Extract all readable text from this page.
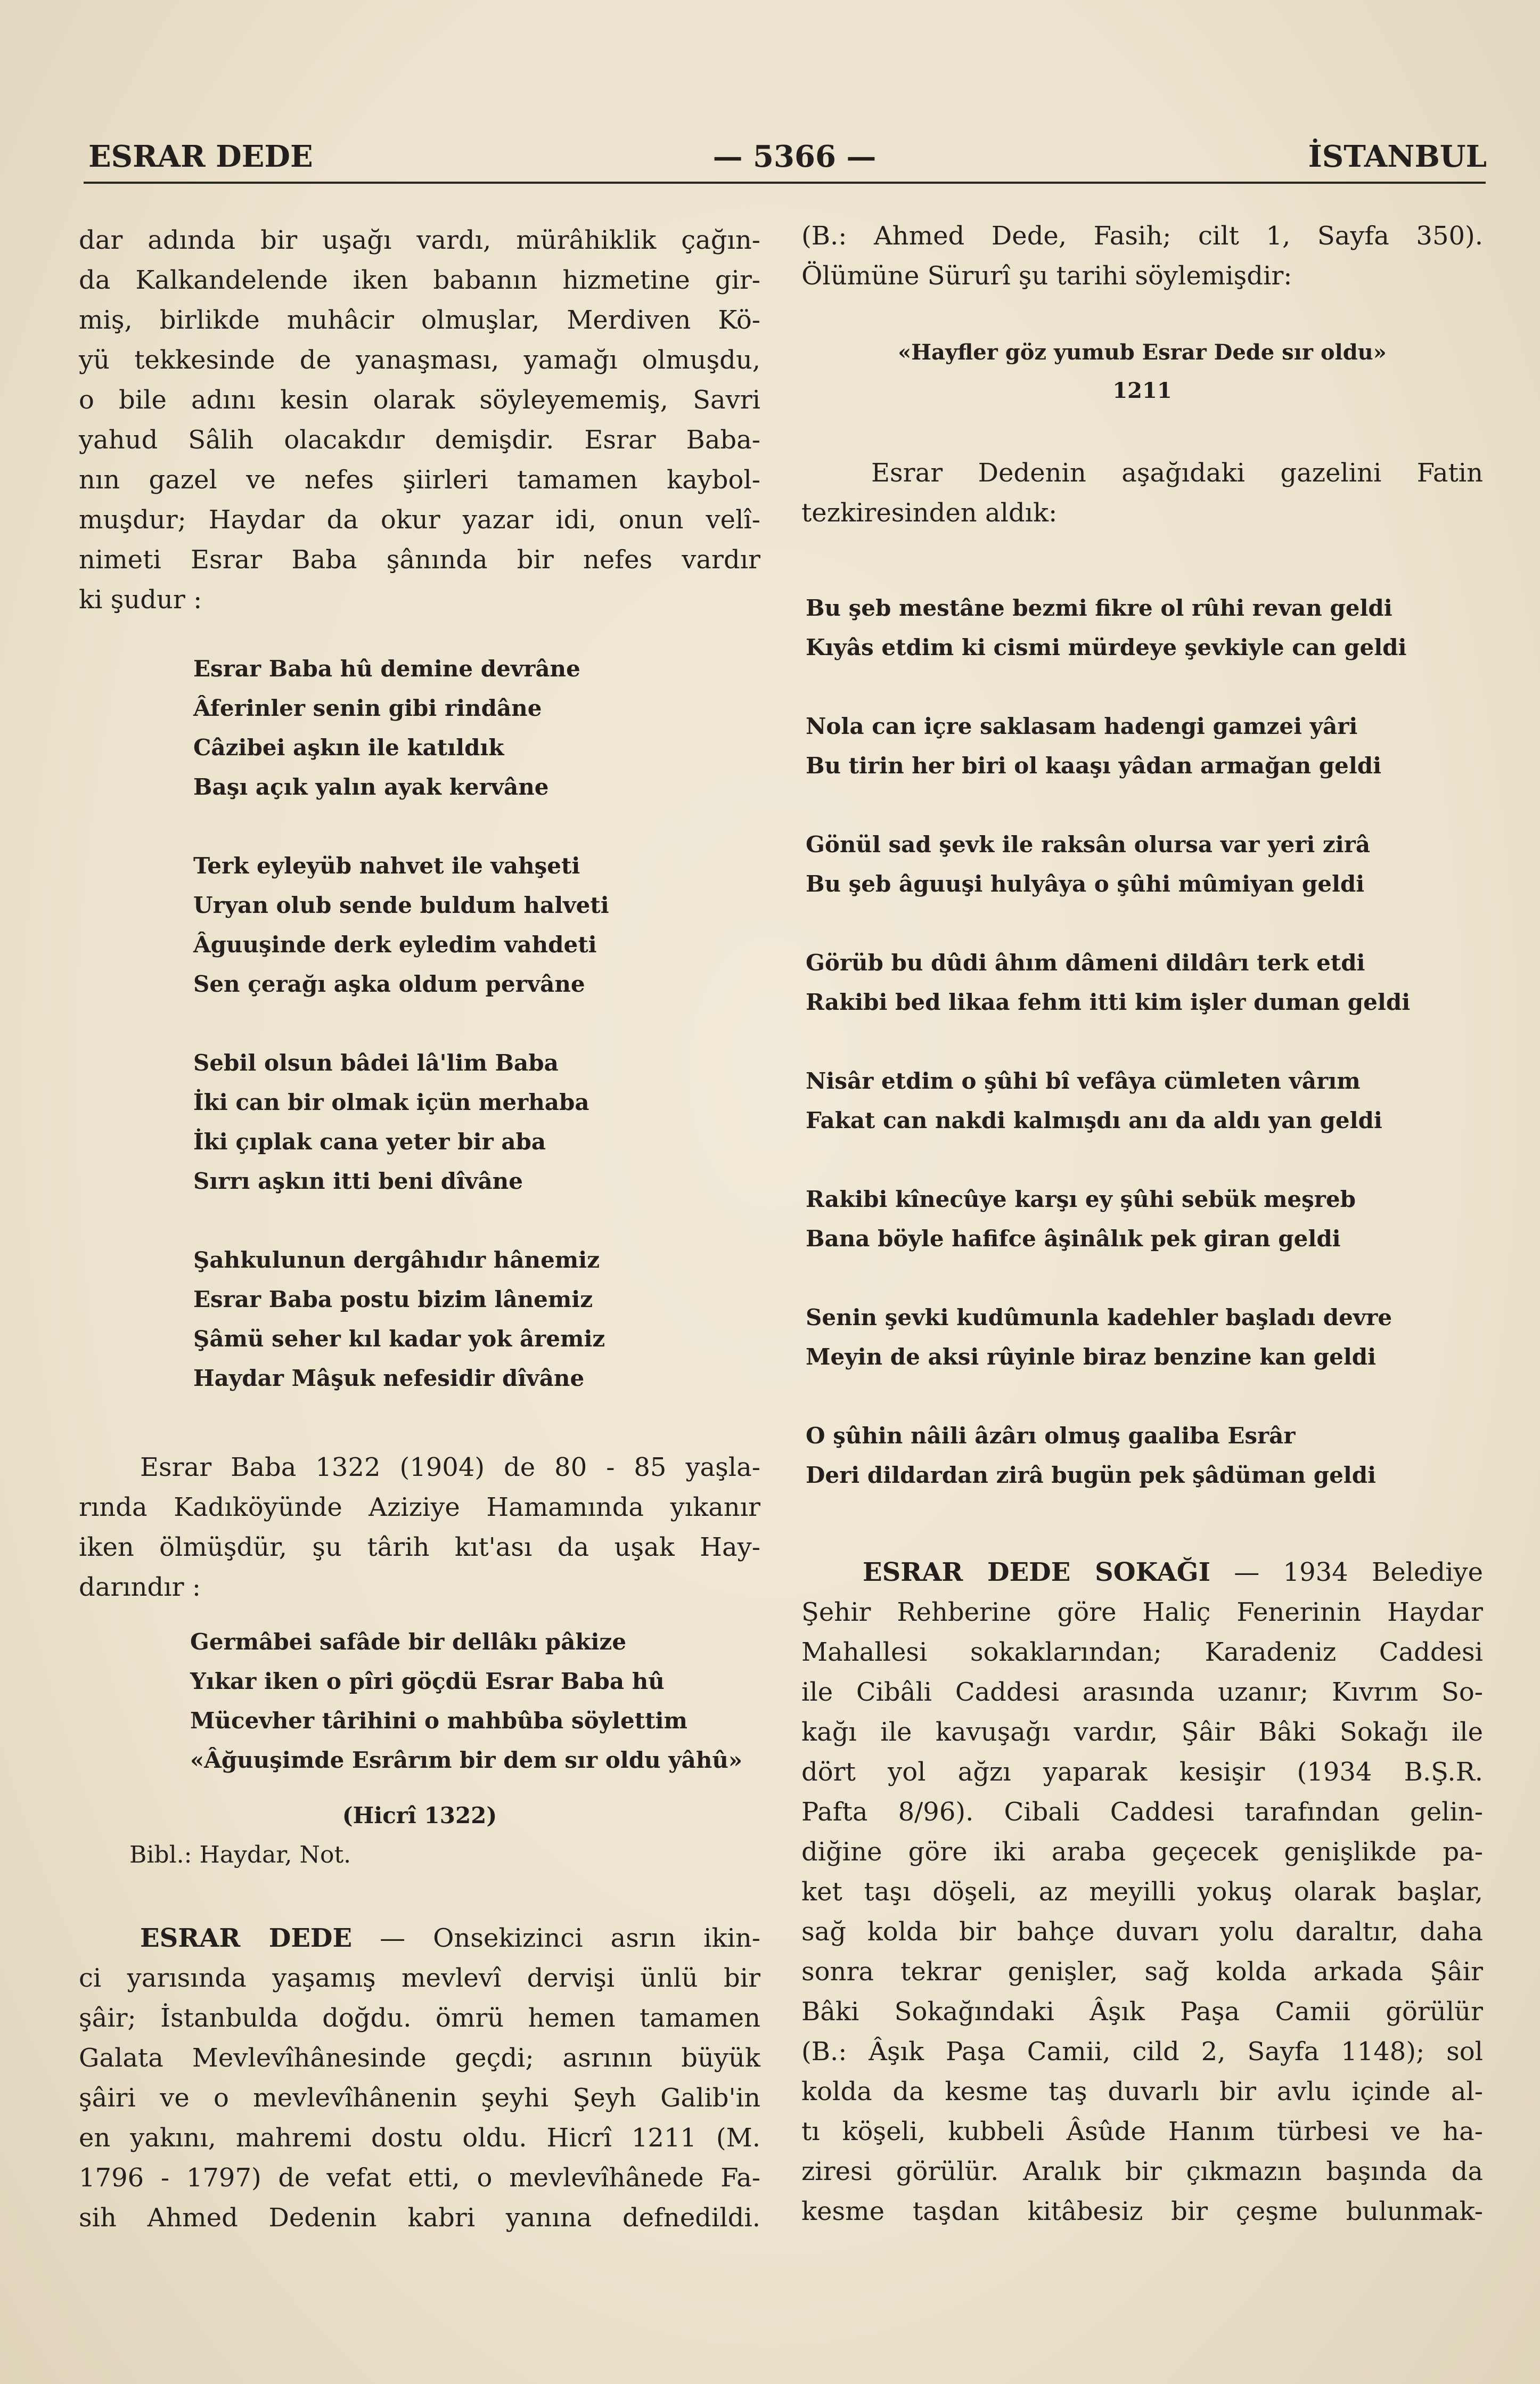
ESRAR DEDE	— 5366 —	İSTANBUL
dar adında bir uşağı vardı, mürâhiklik çağın-
da Kalkandelende iken babanın hizmetine gir-
miş, birlikde muhâcir olmuşlar, Merdiven Kö-
yü tekkesinde de yanaşması, yamağı olmuşdu,
o bile adını kesin olarak söyleyememiş, Savri
yahud Sâlih olacakdır demişdir. Esrar Baba-
nın gazel ve nefes şiirleri tamamen kaybol-
muşdur; Haydar da okur yazar idi, onun velî-
nimeti Esrar Baba şânında bir nefes vardır
ki şudur :
Esrar Baba hû demine devrâne
Âferinler senin gibi rindâne
Câzibei aşkın ile katıldık
Başı açık yalın ayak kervâne
Terk eyleyüb nahvet ile vahşeti
Uryan olub sende buldum halveti
Âguuşinde derk eyledim vahdeti
Sen çerağı aşka oldum pervâne
Sebil olsun bâdei lâ'lim Baba
İki can bir olmak içün merhaba
İki çıplak cana yeter bir aba
Sırrı aşkın itti beni dîvâne
Şahkulunun dergâhıdır hânemiz
Esrar Baba postu bizim lânemiz
Şâmü seher kıl kadar yok âremiz
Haydar Mâşuk nefesidir dîvâne
Esrar Baba 1322 (1904) de 80 - 85 yaşla-
rında Kadıköyünde Aziziye Hamamında yıkanır
iken ölmüşdür, şu târih kıt'ası da uşak Hay-
darındır :
Germâbei safâde bir dellâkı pâkize
Yıkar iken o pîri göçdü Esrar Baba hû
Mücevher târihini o mahbûba söylettim
«Âğuuşimde Esrârım bir dem sır oldu yâhû»
(Hicrî 1322)
Bibl.: Haydar, Not.
ESRAR DEDE — Onsekizinci asrın ikin-
ci yarısında yaşamış mevlevî dervişi ünlü bir
şâir; İstanbulda doğdu. ömrü hemen tamamen
Galata Mevlevîhânesinde geçdi; asrının büyük
şâiri ve o mevlevîhânenin şeyhi Şeyh Galib'in
en yakını, mahremi dostu oldu. Hicrî 1211 (M.
1796 - 1797) de vefat etti, o mevlevîhânede Fa-
sih Ahmed Dedenin kabri yanına defnedildi.
(B.: Ahmed Dede, Fasih; cilt 1, Sayfa 350).
Ölümüne Sürurî şu tarihi söylemişdir:
«Hayfler göz yumub Esrar Dede sır oldu»
1211
Esrar Dedenin aşağıdaki gazelini Fatin
tezkiresinden aldık:
Bu şeb mestâne bezmi fikre ol rûhi revan geldi
Kıyâs etdim ki cismi mürdeye şevkiyle can geldi
Nola can içre saklasam hadengi gamzei yâri
Bu tirin her biri ol kaaşı yâdan armağan geldi
Gönül sad şevk ile raksân olursa var yeri zirâ
Bu şeb âguuşi hulyâya o şûhi mûmiyan geldi
Görüb bu dûdi âhım dâmeni dildârı terk etdi
Rakibi bed likaa fehm itti kim işler duman geldi
Nisâr etdim o şûhi bî vefâya cümleten vârım
Fakat can nakdi kalmışdı anı da aldı yan geldi
Rakibi kînecûye karşı ey şûhi sebük meşreb
Bana böyle hafifce âşinâlık pek giran geldi
Senin şevki kudûmunla kadehler başladı devre
Meyin de aksi rûyinle biraz benzine kan geldi
O şûhin nâili âzârı olmuş gaaliba Esrâr
Deri dildardan zirâ bugün pek şâdüman geldi
ESRAR DEDE SOKAĞI — 1934 Belediye
Şehir Rehberine göre Haliç Fenerinin Haydar
Mahallesi sokaklarından; Karadeniz Caddesi
ile Cibâli Caddesi arasında uzanır; Kıvrım So-
kağı ile kavuşağı vardır, Şâir Bâki Sokağı ile
dört yol ağzı yaparak kesişir (1934 B.Ş.R.
Pafta 8/96). Cibali Caddesi tarafından gelin-
diğine göre iki araba geçecek genişlikde pa-
ket taşı döşeli, az meyilli yokuş olarak başlar,
sağ kolda bir bahçe duvarı yolu daraltır, daha
sonra tekrar genişler, sağ kolda arkada Şâir
Bâki Sokağındaki Âşık Paşa Camii görülür
(B.: Âşık Paşa Camii, cild 2, Sayfa 1148); sol
kolda da kesme taş duvarlı bir avlu içinde al-
tı köşeli, kubbeli Âsûde Hanım türbesi ve ha-
ziresi görülür. Aralık bir çıkmazın başında da
kesme taşdan kitâbesiz bir çeşme bulunmak-
